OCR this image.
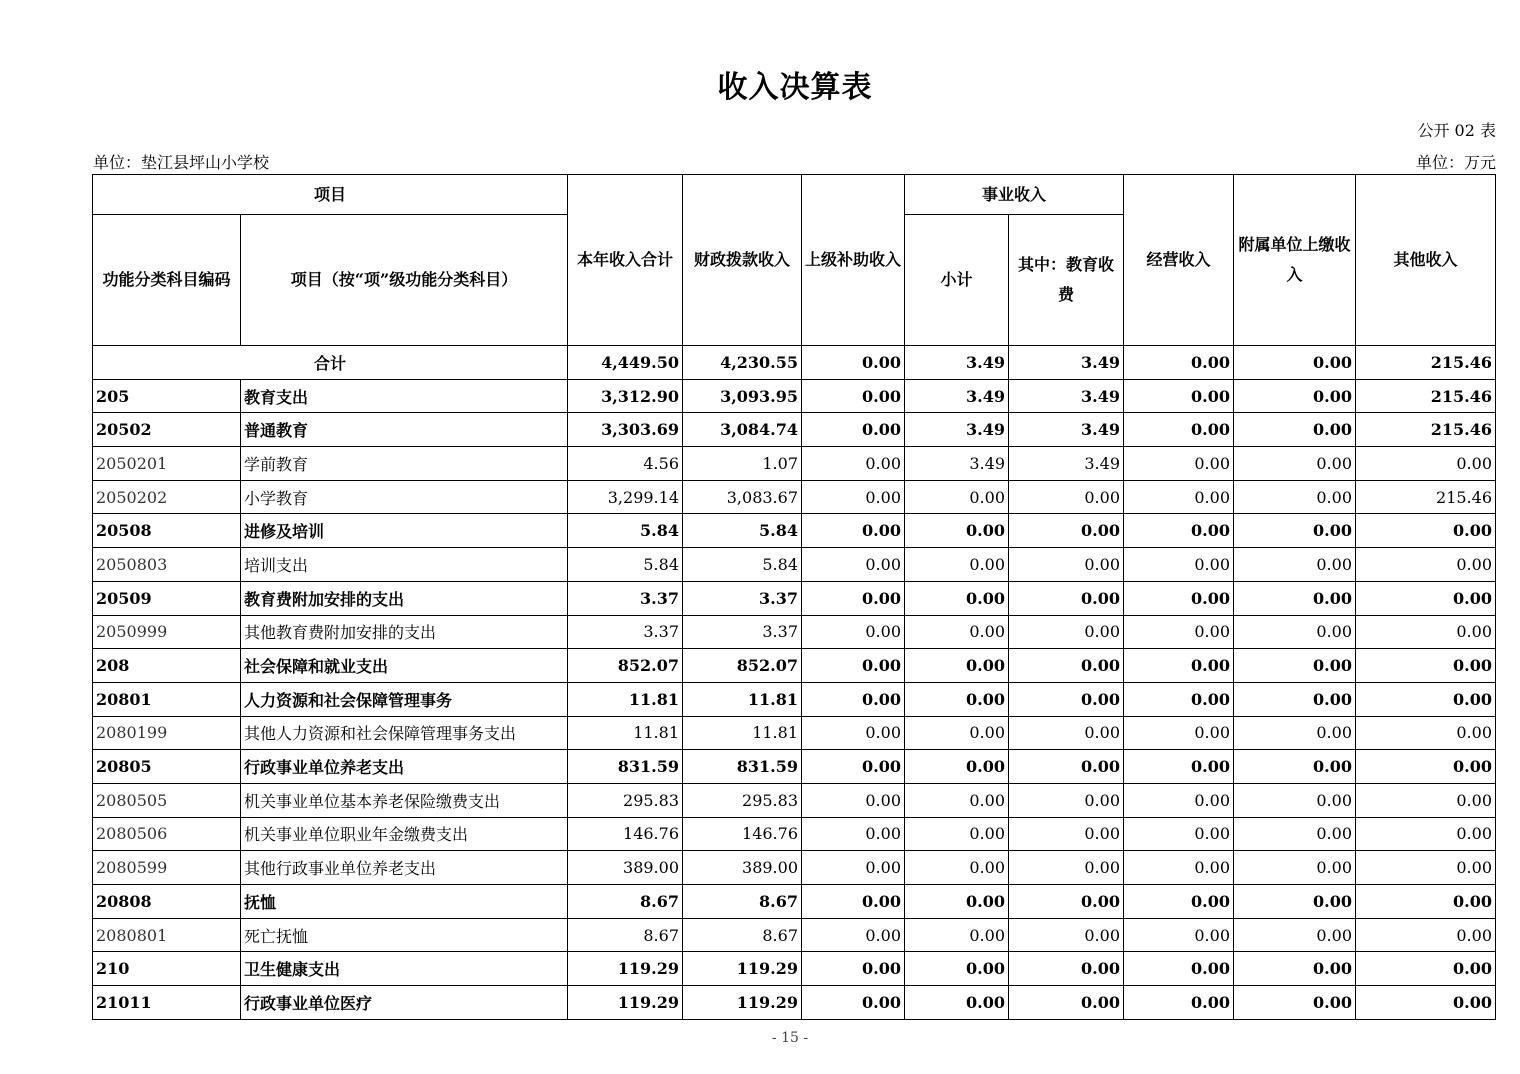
收入决算表
公开 02 表
单位：垫江县坪山小学校	单位：万元
项目		本年收入合计	财政拨款收入	上级补助收入	事业收入		经营收入	附属单位上缴收入	其他收入
功能分类科目编码	项目（按“项”级功能分类科目）				小计	其中：教育收费			
合计		4,449.50	4,230.55	0.00	3.49	3.49	0.00	0.00	215.46
205	教育支出	3,312.90	3,093.95	0.00	3.49	3.49	0.00	0.00	215.46
20502	普通教育	3,303.69	3,084.74	0.00	3.49	3.49	0.00	0.00	215.46
2050201	学前教育	4.56	1.07	0.00	3.49	3.49	0.00	0.00	0.00
2050202	小学教育	3,299.14	3,083.67	0.00	0.00	0.00	0.00	0.00	215.46
20508	进修及培训	5.84	5.84	0.00	0.00	0.00	0.00	0.00	0.00
2050803	培训支出	5.84	5.84	0.00	0.00	0.00	0.00	0.00	0.00
20509	教育费附加安排的支出	3.37	3.37	0.00	0.00	0.00	0.00	0.00	0.00
2050999	其他教育费附加安排的支出	3.37	3.37	0.00	0.00	0.00	0.00	0.00	0.00
208	社会保障和就业支出	852.07	852.07	0.00	0.00	0.00	0.00	0.00	0.00
20801	人力资源和社会保障管理事务	11.81	11.81	0.00	0.00	0.00	0.00	0.00	0.00
2080199	其他人力资源和社会保障管理事务支出	11.81	11.81	0.00	0.00	0.00	0.00	0.00	0.00
20805	行政事业单位养老支出	831.59	831.59	0.00	0.00	0.00	0.00	0.00	0.00
2080505	机关事业单位基本养老保险缴费支出	295.83	295.83	0.00	0.00	0.00	0.00	0.00	0.00
2080506	机关事业单位职业年金缴费支出	146.76	146.76	0.00	0.00	0.00	0.00	0.00	0.00
2080599	其他行政事业单位养老支出	389.00	389.00	0.00	0.00	0.00	0.00	0.00	0.00
20808	抚恤	8.67	8.67	0.00	0.00	0.00	0.00	0.00	0.00
2080801	死亡抚恤	8.67	8.67	0.00	0.00	0.00	0.00	0.00	0.00
210	卫生健康支出	119.29	119.29	0.00	0.00	0.00	0.00	0.00	0.00
21011	行政事业单位医疗	119.29	119.29	0.00	0.00	0.00	0.00	0.00	0.00
- 15 -
